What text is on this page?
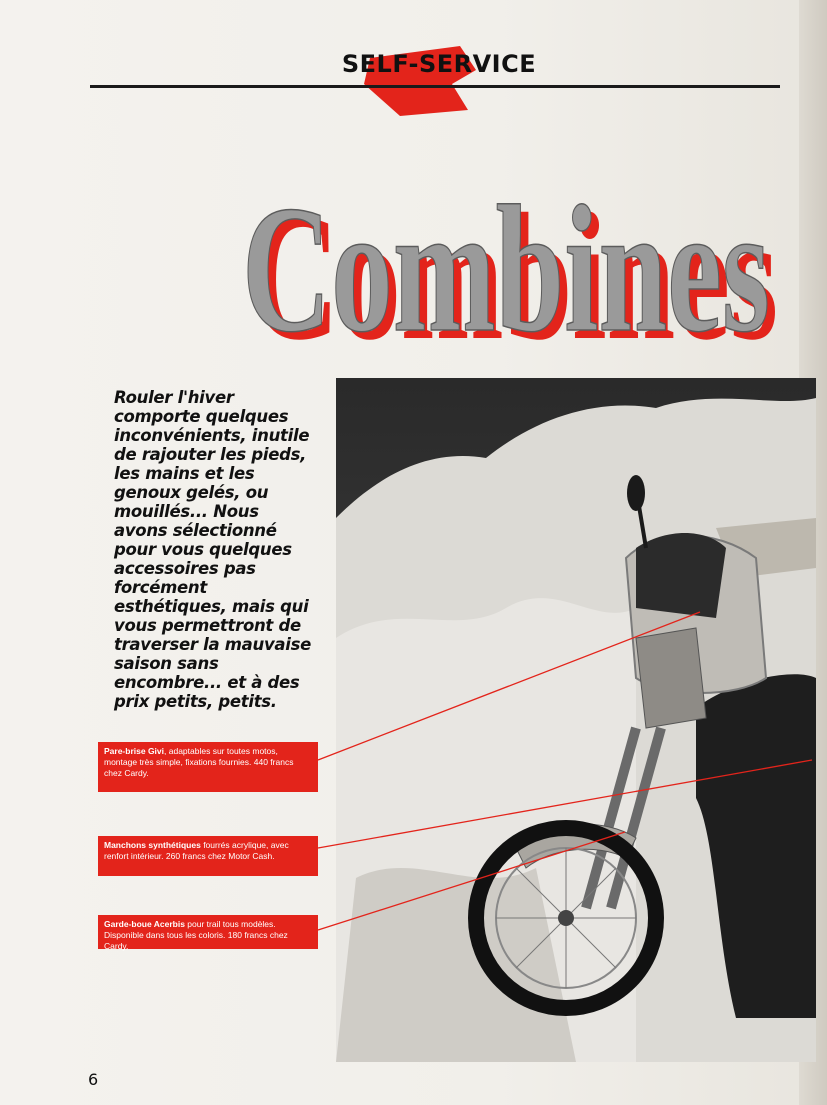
SELF-SERVICE
Combines
Combines
Rouler l'hiver comporte quelques inconvénients, inutile de rajouter les pieds, les mains et les genoux gelés, ou mouillés... Nous avons sélectionné pour vous quelques accessoires pas forcément esthétiques, mais qui vous permettront de traverser la mauvaise saison sans encombre... et à des prix petits, petits.
Pare-brise Givi, adaptables sur toutes motos, montage très simple, fixations fournies. 440 francs chez Cardy.
Manchons synthétiques fourrés acrylique, avec renfort intérieur. 260 francs chez Motor Cash.
Garde-boue Acerbis pour trail tous modèles. Disponible dans tous les coloris. 180 francs chez Cardy.
6
